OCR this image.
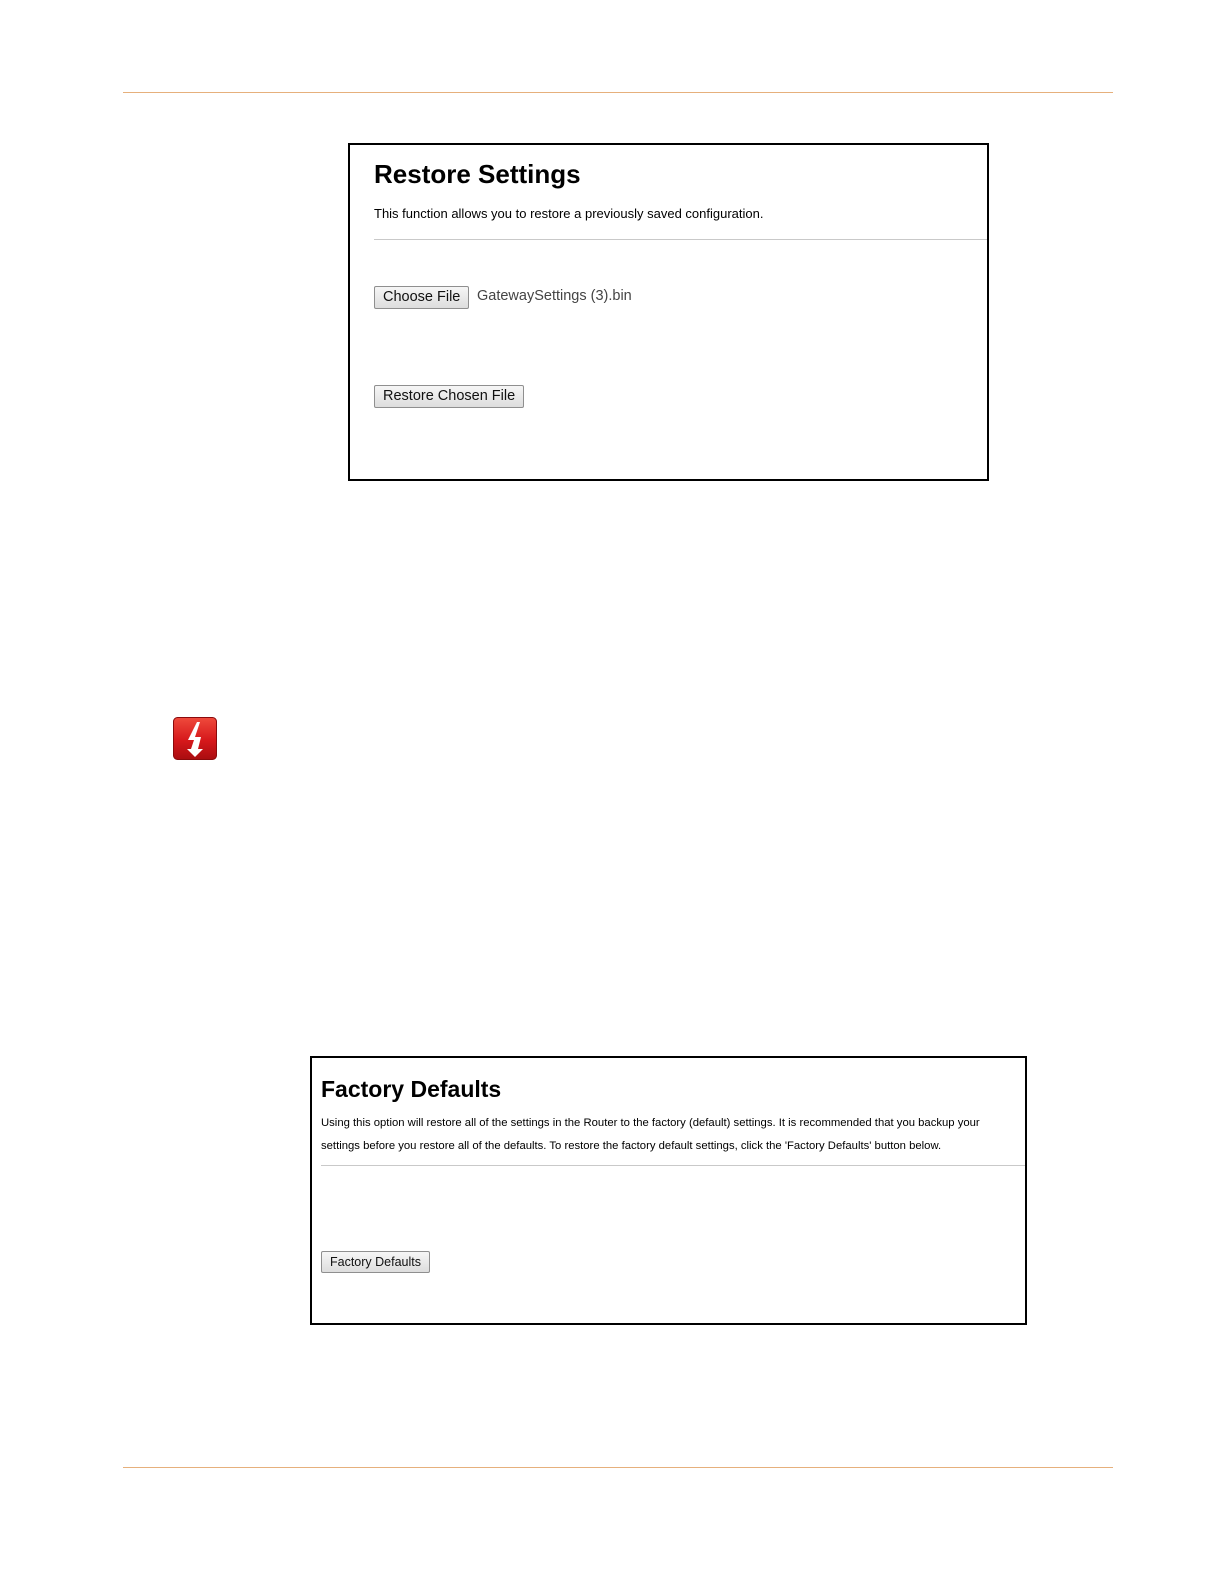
Restore Settings

This function allows you to restore a previously saved configuration.

Choose File	GatewaySettings (3).bin
Restore Chosen File
Factory Defaults

Using this option will restore all of the settings in the Router to the factory (default) settings. It is recommended that you backup your settings before you restore all of the defaults. To restore the factory default settings, click the 'Factory Defaults' button below.

Factory Defaults
